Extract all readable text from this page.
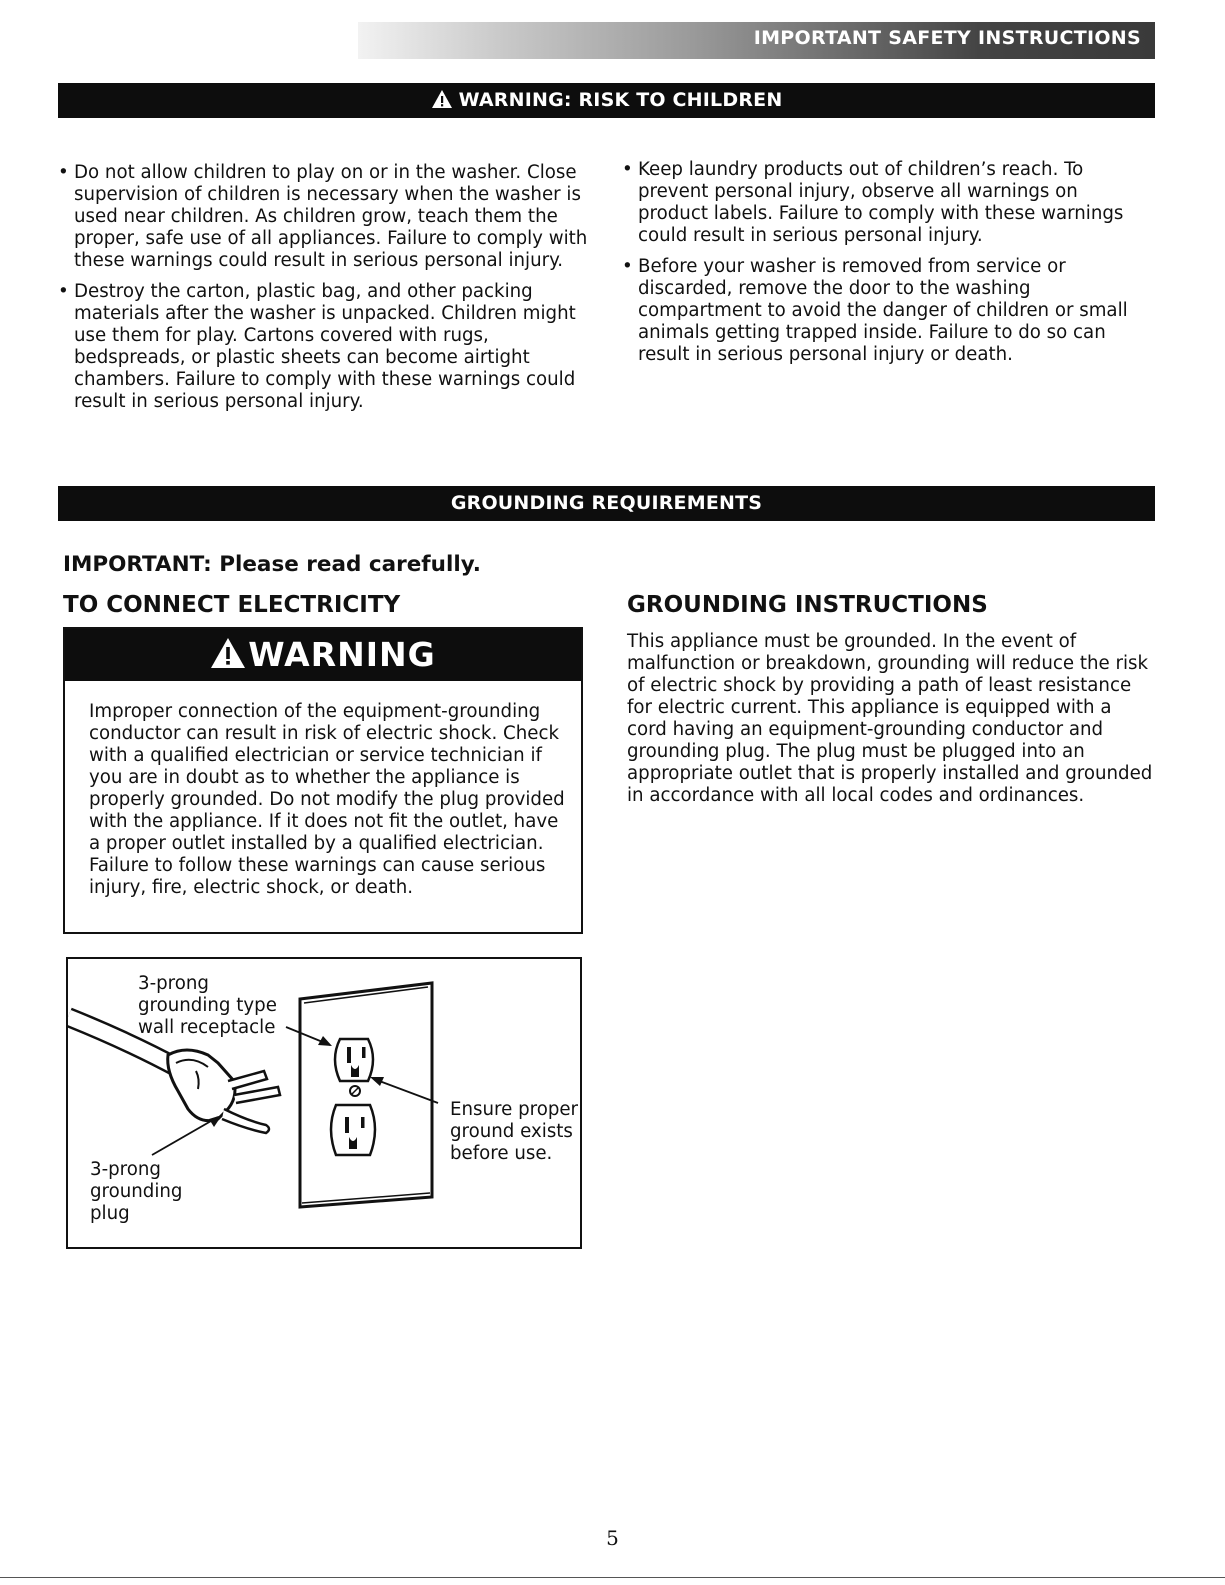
IMPORTANT SAFETY INSTRUCTIONS
WARNING: RISK TO CHILDREN
• Do not allow children to play on or in the washer. Close supervision of children is necessary when the washer is used near children. As children grow, teach them the proper, safe use of all appliances. Failure to comply with these warnings could result in serious personal injury.
• Destroy the carton, plastic bag, and other packing materials after the washer is unpacked. Children might use them for play. Cartons covered with rugs, bedspreads, or plastic sheets can become airtight chambers. Failure to comply with these warnings could result in serious personal injury.
• Keep laundry products out of children’s reach. To prevent personal injury, observe all warnings on product labels. Failure to comply with these warnings could result in serious personal injury.
• Before your washer is removed from service or discarded, remove the door to the washing compartment to avoid the danger of children or small animals getting trapped inside. Failure to do so can result in serious personal injury or death.
GROUNDING REQUIREMENTS
IMPORTANT: Please read carefully.
TO CONNECT ELECTRICITY	GROUNDING INSTRUCTIONS
This appliance must be grounded. In the event of malfunction or breakdown, grounding will reduce the risk of electric shock by providing a path of least resistance for electric current. This appliance is equipped with a cord having an equipment-grounding conductor and grounding plug. The plug must be plugged into an appropriate outlet that is properly installed and grounded in accordance with all local codes and ordinances.
WARNING
Improper connection of the equipment-grounding conductor can result in risk of electric shock. Check with a qualified electrician or service technician if you are in doubt as to whether the appliance is properly grounded. Do not modify the plug provided with the appliance. If it does not fit the outlet, have a proper outlet installed by a qualified electrician. Failure to follow these warnings can cause serious injury, fire, electric shock, or death.
3-prong
grounding type
wall receptacle
3-prong
grounding
plug
Ensure proper
ground exists
before use.
5
